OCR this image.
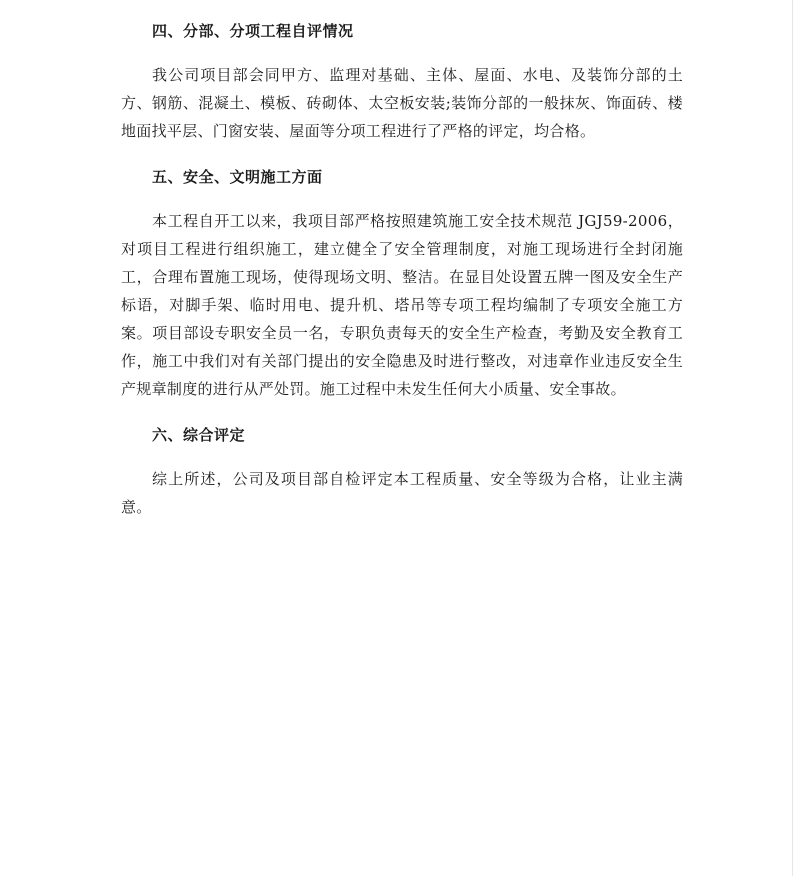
四、分部、分项工程自评情况

我公司项目部会同甲方、监理对基础、主体、屋面、水电、及装饰分部的土方、钢筋、混凝土、模板、砖砌体、太空板安装;装饰分部的一般抹灰、饰面砖、楼地面找平层、门窗安装、屋面等分项工程进行了严格的评定，均合格。

五、安全、文明施工方面

本工程自开工以来，我项目部严格按照建筑施工安全技术规范 JGJ59-2006，对项目工程进行组织施工，建立健全了安全管理制度，对施工现场进行全封闭施工，合理布置施工现场，使得现场文明、整洁。在显目处设置五牌一图及安全生产标语，对脚手架、临时用电、提升机、塔吊等专项工程均编制了专项安全施工方案。项目部设专职安全员一名，专职负责每天的安全生产检查，考勤及安全教育工作，施工中我们对有关部门提出的安全隐患及时进行整改，对违章作业违反安全生产规章制度的进行从严处罚。施工过程中未发生任何大小质量、安全事故。

六、综合评定

综上所述，公司及项目部自检评定本工程质量、安全等级为合格，让业主满意。
